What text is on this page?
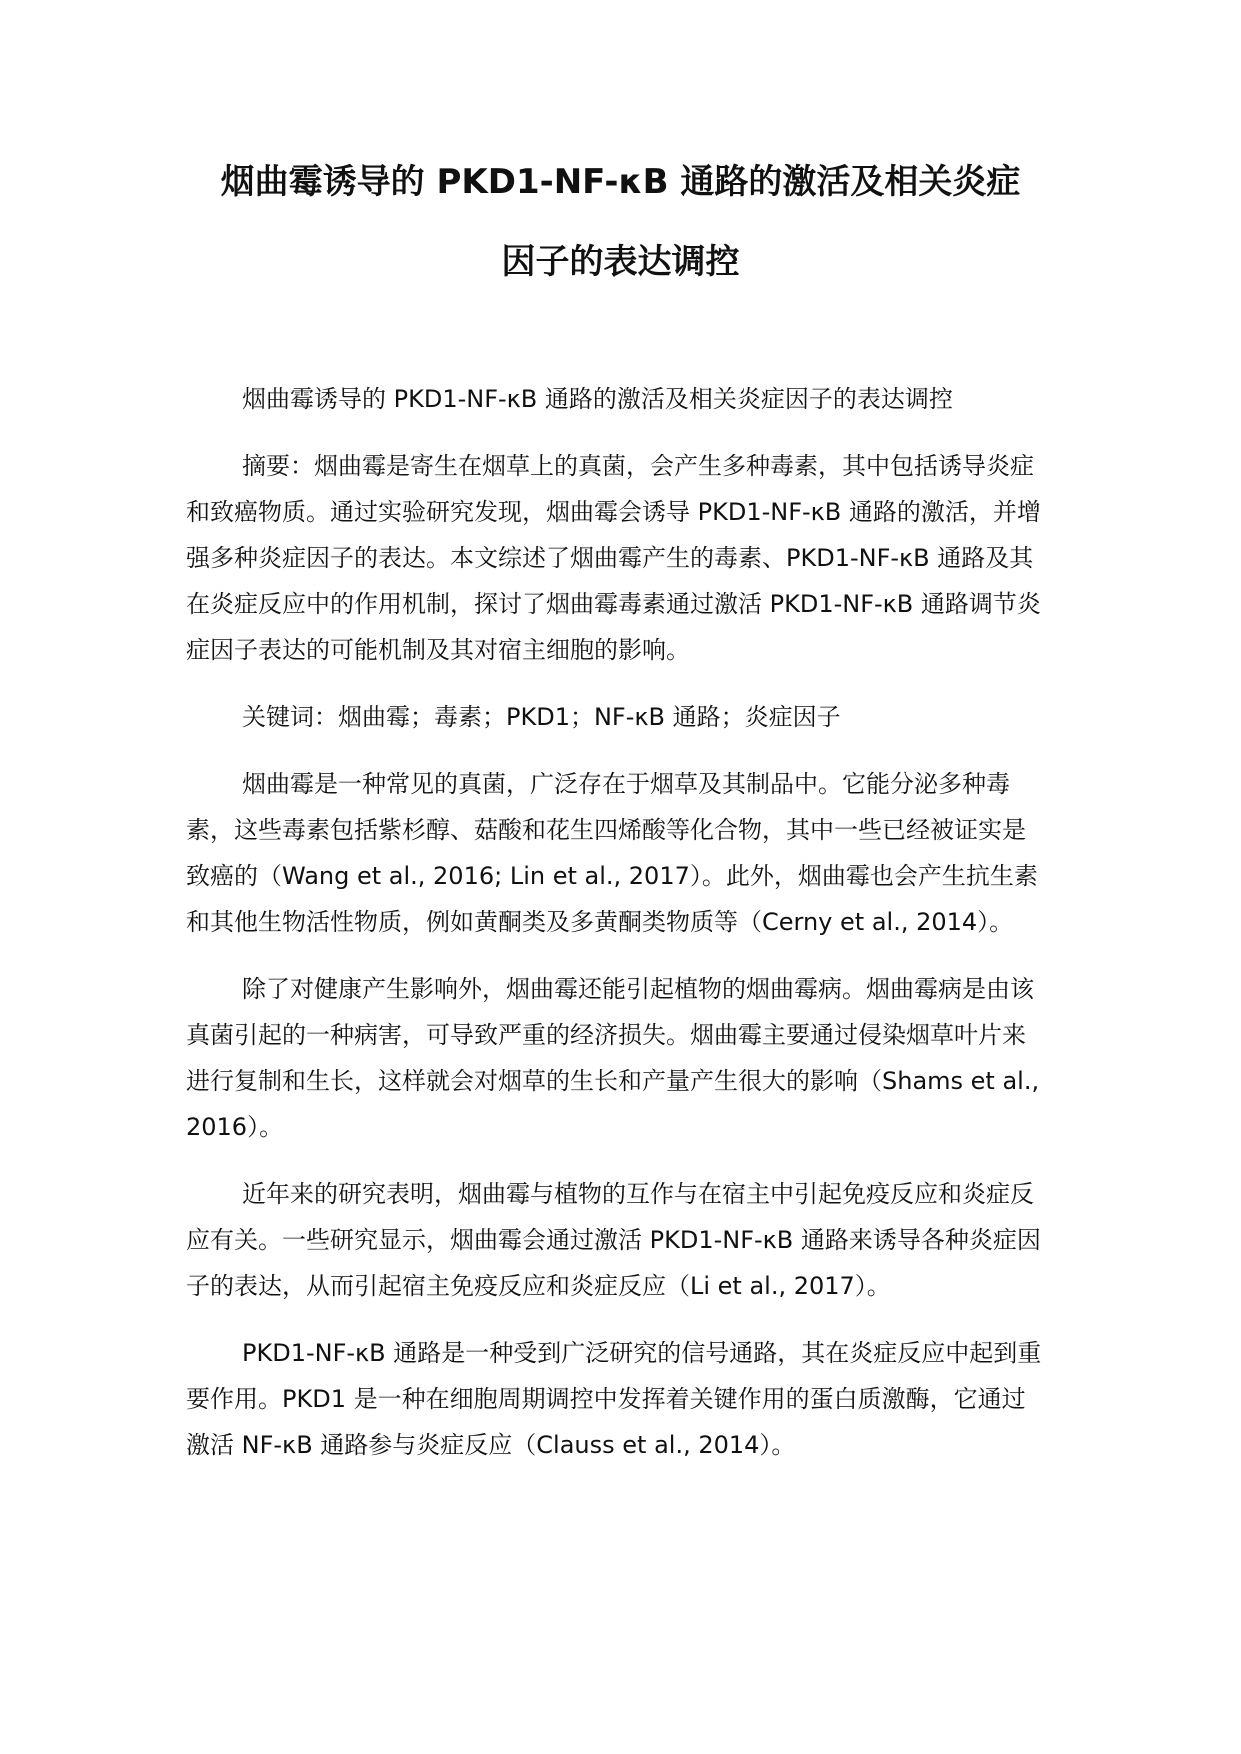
烟曲霉诱导的 PKD1-NF-κB 通路的激活及相关炎症
因子的表达调控

烟曲霉诱导的 PKD1-NF-κB 通路的激活及相关炎症因子的表达调控

摘要：烟曲霉是寄生在烟草上的真菌，会产生多种毒素，其中包括诱导炎症和致癌物质。通过实验研究发现，烟曲霉会诱导 PKD1-NF-κB 通路的激活，并增强多种炎症因子的表达。本文综述了烟曲霉产生的毒素、PKD1-NF-κB 通路及其在炎症反应中的作用机制，探讨了烟曲霉毒素通过激活 PKD1-NF-κB 通路调节炎症因子表达的可能机制及其对宿主细胞的影响。

关键词：烟曲霉；毒素；PKD1；NF-κB 通路；炎症因子

烟曲霉是一种常见的真菌，广泛存在于烟草及其制品中。它能分泌多种毒素，这些毒素包括紫杉醇、菇酸和花生四烯酸等化合物，其中一些已经被证实是致癌的（Wang et al., 2016; Lin et al., 2017）。此外，烟曲霉也会产生抗生素和其他生物活性物质，例如黄酮类及多黄酮类物质等（Cerny et al., 2014）。

除了对健康产生影响外，烟曲霉还能引起植物的烟曲霉病。烟曲霉病是由该真菌引起的一种病害，可导致严重的经济损失。烟曲霉主要通过侵染烟草叶片来进行复制和生长，这样就会对烟草的生长和产量产生很大的影响（Shams et al., 2016）。

近年来的研究表明，烟曲霉与植物的互作与在宿主中引起免疫反应和炎症反应有关。一些研究显示，烟曲霉会通过激活 PKD1-NF-κB 通路来诱导各种炎症因子的表达，从而引起宿主免疫反应和炎症反应（Li et al., 2017）。

PKD1-NF-κB 通路是一种受到广泛研究的信号通路，其在炎症反应中起到重要作用。PKD1 是一种在细胞周期调控中发挥着关键作用的蛋白质激酶，它通过激活 NF-κB 通路参与炎症反应（Clauss et al., 2014）。
